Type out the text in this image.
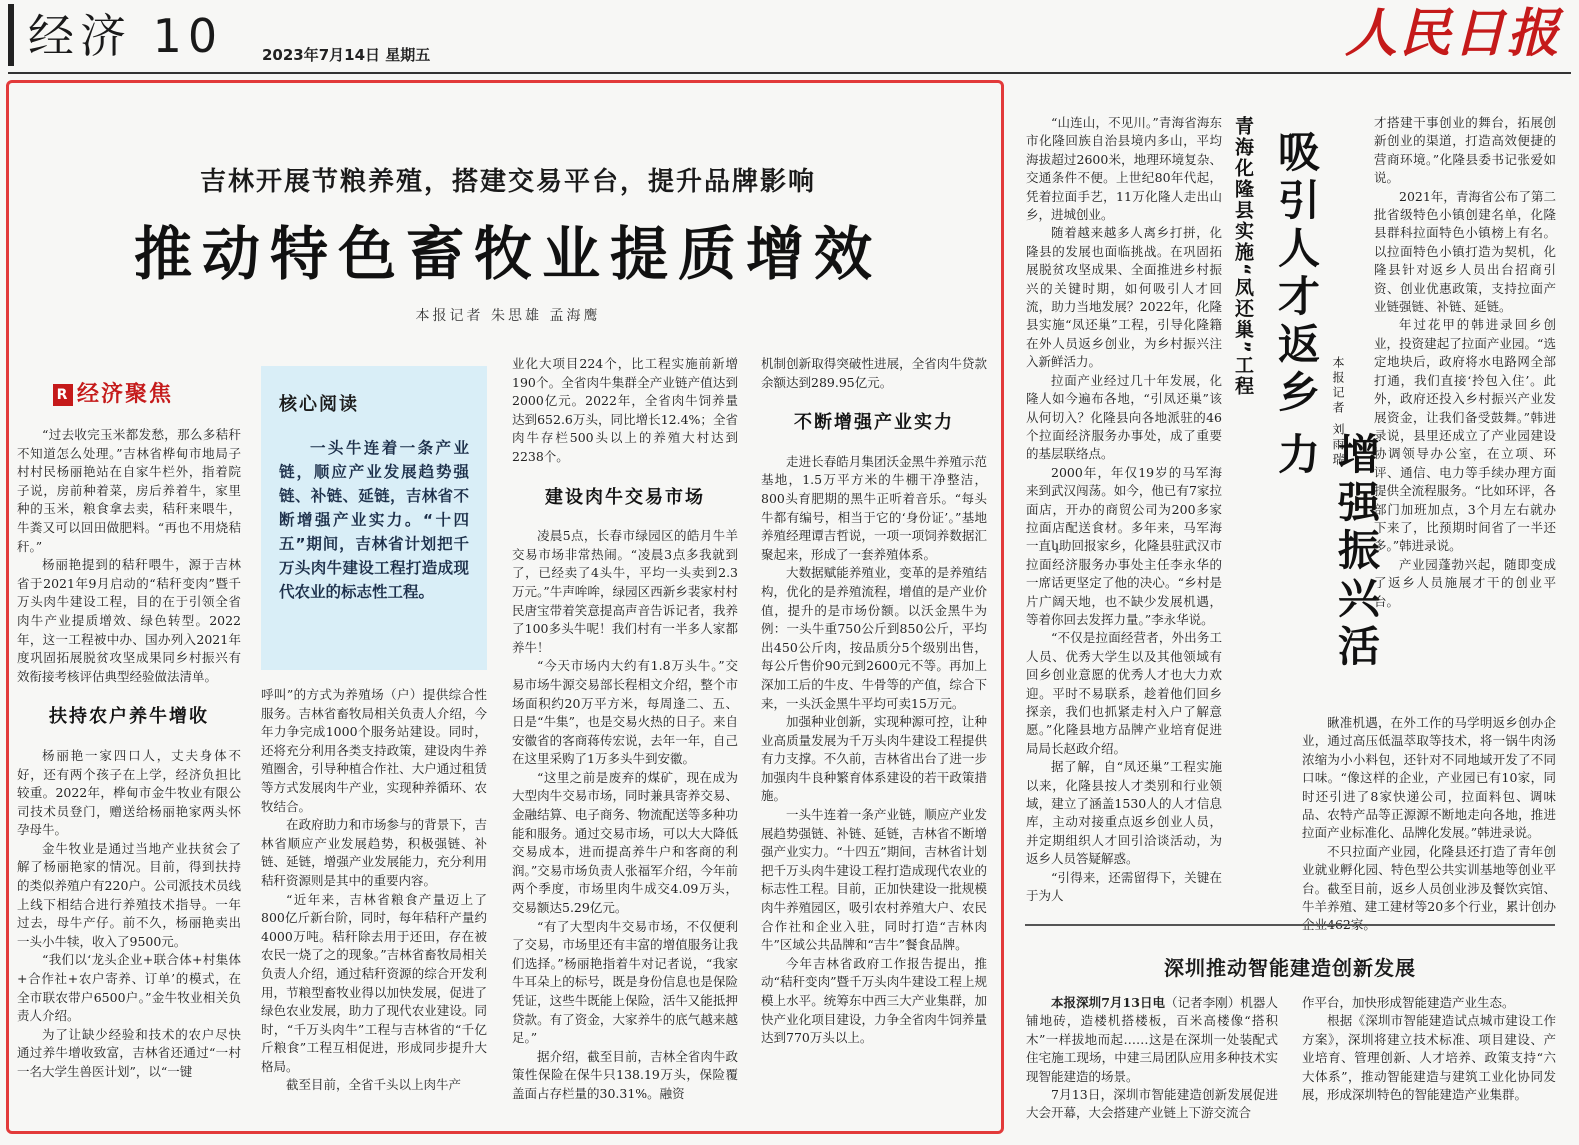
经济 10	2023年7月14日 星期五	人民日报
吉林开展节粮养殖，搭建交易平台，提升品牌影响
推动特色畜牧业提质增效
本报记者 朱思雄 孟海鹰
R 经济聚焦	核心阅读
一头牛连着一条产业链，顺应产业发展趋势强链、补链、延链，吉林省不断增强产业实力。“十四五”期间，吉林省计划把千万头肉牛建设工程打造成现代农业的标志性工程。

“过去收完玉米都发愁，那么多秸秆不知道怎么处理。”吉林省桦甸市地局子村村民杨丽艳站在自家牛栏外，指着院子说，房前种着菜，房后养着牛，家里种的玉米，粮食拿去卖，秸秆来喂牛，牛粪又可以回田做肥料。“再也不用烧秸秆。”

杨丽艳提到的秸秆喂牛，源于吉林省于2021年9月启动的“秸秆变肉”暨千万头肉牛建设工程，目的在于引领全省肉牛产业提质增效、绿色转型。2022年，这一工程被中办、国办列入2021年度巩固拓展脱贫攻坚成果同乡村振兴有效衔接考核评估典型经验做法清单。

扶持农户养牛增收

杨丽艳一家四口人，丈夫身体不好，还有两个孩子在上学，经济负担比较重。2022年，桦甸市金牛牧业有限公司技术员登门，赠送给杨丽艳家两头怀孕母牛。

金牛牧业是通过当地产业扶贫会了解了杨丽艳家的情况。目前，得到扶持的类似养殖户有220户。公司派技术员线上线下相结合进行养殖技术指导。一年过去，母牛产仔。前不久，杨丽艳卖出一头小牛犊，收入了9500元。

“我们以‘龙头企业+联合体+村集体+合作社+农户寄养、订单’的模式，在全市联农带户6500户。”金牛牧业相关负责人介绍。

为了让缺少经验和技术的农户尽快通过养牛增收致富，吉林省还通过“一村一名大学生兽医计划”，以“一键

呼叫”的方式为养殖场（户）提供综合性服务。吉林省畜牧局相关负责人介绍，今年力争完成1000个服务站建设。同时，还将充分利用各类支持政策，建设肉牛养殖圈舍，引导种植合作社、大户通过租赁等方式发展肉牛产业，实现种养循环、农牧结合。

在政府助力和市场参与的背景下，吉林省顺应产业发展趋势，积极强链、补链、延链，增强产业发展能力，充分利用秸秆资源则是其中的重要内容。

“近年来，吉林省粮食产量迈上了800亿斤新台阶，同时，每年秸秆产量约4000万吨。秸秆除去用于还田，存在被农民一烧了之的现象。”吉林省畜牧局相关负责人介绍，通过秸秆资源的综合开发利用，节粮型畜牧业得以加快发展，促进了绿色农业发展，助力了现代农业建设。同时，“千万头肉牛”工程与吉林省的“千亿斤粮食”工程互相促进，形成同步提升大格局。

截至目前，全省千头以上肉牛产

业化大项目224个，比工程实施前新增190个。全省肉牛集群全产业链产值达到2000亿元。2022年，全省肉牛饲养量达到652.6万头，同比增长12.4%；全省肉牛存栏500头以上的养殖大村达到2238个。

建设肉牛交易市场

凌晨5点，长春市绿园区的皓月牛羊交易市场非常热闹。“凌晨3点多我就到了，已经卖了4头牛，平均一头卖到2.3万元。”牛声哞哞，绿园区西新乡裴家村村民唐宝带着笑意提高声音告诉记者，我养了100多头牛呢！我们村有一半多人家都养牛！

“今天市场内大约有1.8万头牛。”交易市场牛源交易部长程相文介绍，整个市场面积约20万平方米，每周逢二、五、日是“牛集”，也是交易火热的日子。来自安徽省的客商蒋传宏说，去年一年，自己在这里采购了1万多头牛到安徽。

“这里之前是废弃的煤矿，现在成为大型肉牛交易市场，同时兼具寄养交易、金融结算、电子商务、物流配送等多种功能和服务。通过交易市场，可以大大降低交易成本，进而提高养牛户和客商的利润。”交易市场负责人张福军介绍，今年前两个季度，市场里肉牛成交4.09万头，交易额达5.29亿元。

“有了大型肉牛交易市场，不仅便利了交易，市场里还有丰富的增值服务让我们选择。”杨丽艳指着牛对记者说，“我家牛耳朵上的标号，既是身份信息也是保险凭证，这些牛既能上保险，活牛又能抵押贷款。有了资金，大家养牛的底气越来越足。”

据介绍，截至目前，吉林全省肉牛政策性保险在保牛只138.19万头，保险覆盖面占存栏量的30.31%。融资

机制创新取得突破性进展，全省肉牛贷款余额达到289.95亿元。

不断增强产业实力

走进长春皓月集团沃金黑牛养殖示范基地，1.5万平方米的牛棚干净整洁，800头育肥期的黑牛正听着音乐。“每头牛都有编号，相当于它的‘身份证’。”基地养殖经理谭吉哲说，一项一项饲养数据汇聚起来，形成了一套养殖体系。

大数据赋能养殖业，变革的是养殖结构，优化的是养殖流程，增值的是产业价值，提升的是市场份额。以沃金黑牛为例：一头牛重750公斤到850公斤，平均出450公斤肉，按品质分5个级别出售，每公斤售价90元到2600元不等。再加上深加工后的牛皮、牛骨等的产值，综合下来，一头沃金黑牛平均可卖15万元。

加强种业创新，实现种源可控，让种业高质量发展为千万头肉牛建设工程提供有力支撑。不久前，吉林省出台了进一步加强肉牛良种繁育体系建设的若干政策措施。

一头牛连着一条产业链，顺应产业发展趋势强链、补链、延链，吉林省不断增强产业实力。“十四五”期间，吉林省计划把千万头肉牛建设工程打造成现代农业的标志性工程。目前，正加快建设一批规模肉牛养殖园区，吸引农村养殖大户、农民合作社和企业入驻，同时打造“吉林肉牛”区域公共品牌和“吉牛”餐食品牌。

今年吉林省政府工作报告提出，推动“秸秆变肉”暨千万头肉牛建设工程上规模上水平。统筹东中西三大产业集群，加快产业化项目建设，力争全省肉牛饲养量达到770万头以上。

青海化隆县实施“凤还巢”工程 吸引人才返乡
增强振兴活力 本报记者 刘雨瑞

“山连山，不见川。”青海省海东市化隆回族自治县境内多山，平均海拔超过2600米，地理环境复杂、交通条件不便。上世纪80年代起，凭着拉面手艺，11万化隆人走出山乡，进城创业。

随着越来越多人离乡打拼，化隆县的发展也面临挑战。在巩固拓展脱贫攻坚成果、全面推进乡村振兴的关键时期，如何吸引人才回流，助力当地发展？2022年，化隆县实施“凤还巢”工程，引导化隆籍在外人员返乡创业，为乡村振兴注入新鲜活力。

拉面产业经过几十年发展，化隆人如今遍布各地，“引凤还巢”该从何切入？化隆县向各地派驻的46个拉面经济服务办事处，成了重要的基层联络点。

2000年，年仅19岁的马军海来到武汉闯荡。如今，他已有7家拉面店，开办的商贸公司为200多家拉面店配送食材。多年来，马军海一直կ助回报家乡，化隆县驻武汉市拉面经济服务办事处主任李永华的一席话更坚定了他的决心。“乡村是片广阔天地，也不缺少发展机遇，等着你回去发挥力量。”李永华说。

“不仅是拉面经营者，外出务工人员、优秀大学生以及其他领域有回乡创业意愿的优秀人才也大力欢迎。平时不易联系，趁着他们回乡探亲，我们也抓紧走村入户了解意愿。”化隆县地方品牌产业培育促进局局长赵政介绍。

据了解，自“凤还巢”工程实施以来，化隆县按人才类别和行业领域，建立了涵盖1530人的人才信息库，主动对接重点返乡创业人员，并定期组织人才回引洽谈活动，为返乡人员答疑解惑。

“引得来，还需留得下，关键在于为人

才搭建干事创业的舞台，拓展创新创业的渠道，打造高效便捷的营商环境。”化隆县委书记张爱如说。

2021年，青海省公布了第二批省级特色小镇创建名单，化隆县群科拉面特色小镇榜上有名。以拉面特色小镇打造为契机，化隆县针对返乡人员出台招商引资、创业优惠政策，支持拉面产业链强链、补链、延链。

年过花甲的韩进录回乡创业，投资建起了拉面产业园。“选定地块后，政府将水电路网全部打通，我们直接‘拎包入住’。此外，政府还投入乡村振兴产业发展资金，让我们备受鼓舞。”韩进录说，县里还成立了产业园建设协调领导办公室，在立项、环评、通信、电力等手续办理方面提供全流程服务。“比如环评，各部门加班加点，3个月左右就办下来了，比预期时间省了一半还多。”韩进录说。

产业园蓬勃兴起，随即变成了返乡人员施展才干的创业平台。

瞅准机遇，在外工作的马学明返乡创办企业，通过高压低温萃取等技术，将一锅牛肉汤浓缩为小小料包，还针对不同地域开发了不同口味。“像这样的企业，产业园已有10家，同时还引进了8家快递公司，拉面料包、调味品、农特产品等正源源不断地走向各地，推进拉面产业标准化、品牌化发展。”韩进录说。

不只拉面产业园，化隆县还打造了青年创业就业孵化园、特色型公共实训基地等创业平台。截至目前，返乡人员创业涉及餐饮宾馆、牛羊养殖、建工建材等20多个行业，累计创办

深圳推动智能建造创新发展

本报深圳7月13日电（记者李刚）机器人铺地砖，造楼机搭楼板，百米高楼像“搭积木”一样拔地而起……这是在深圳一处装配式住宅施工现场，中建三局团队应用多种技术实现智能建造的场景。

7月13日，深圳市智能建造创新发展促进大会开幕，大会搭建产业链上下游交流合

作平台，加快形成智能建造产业生态。

根据《深圳市智能建造试点城市建设工作方案》，深圳将建立技术标准、项目建设、产业培育、管理创新、人才培养、政策支持“六大体系”，推动智能建造与建筑工业化协同发展，形成深圳特色的智能建造产业集群。
